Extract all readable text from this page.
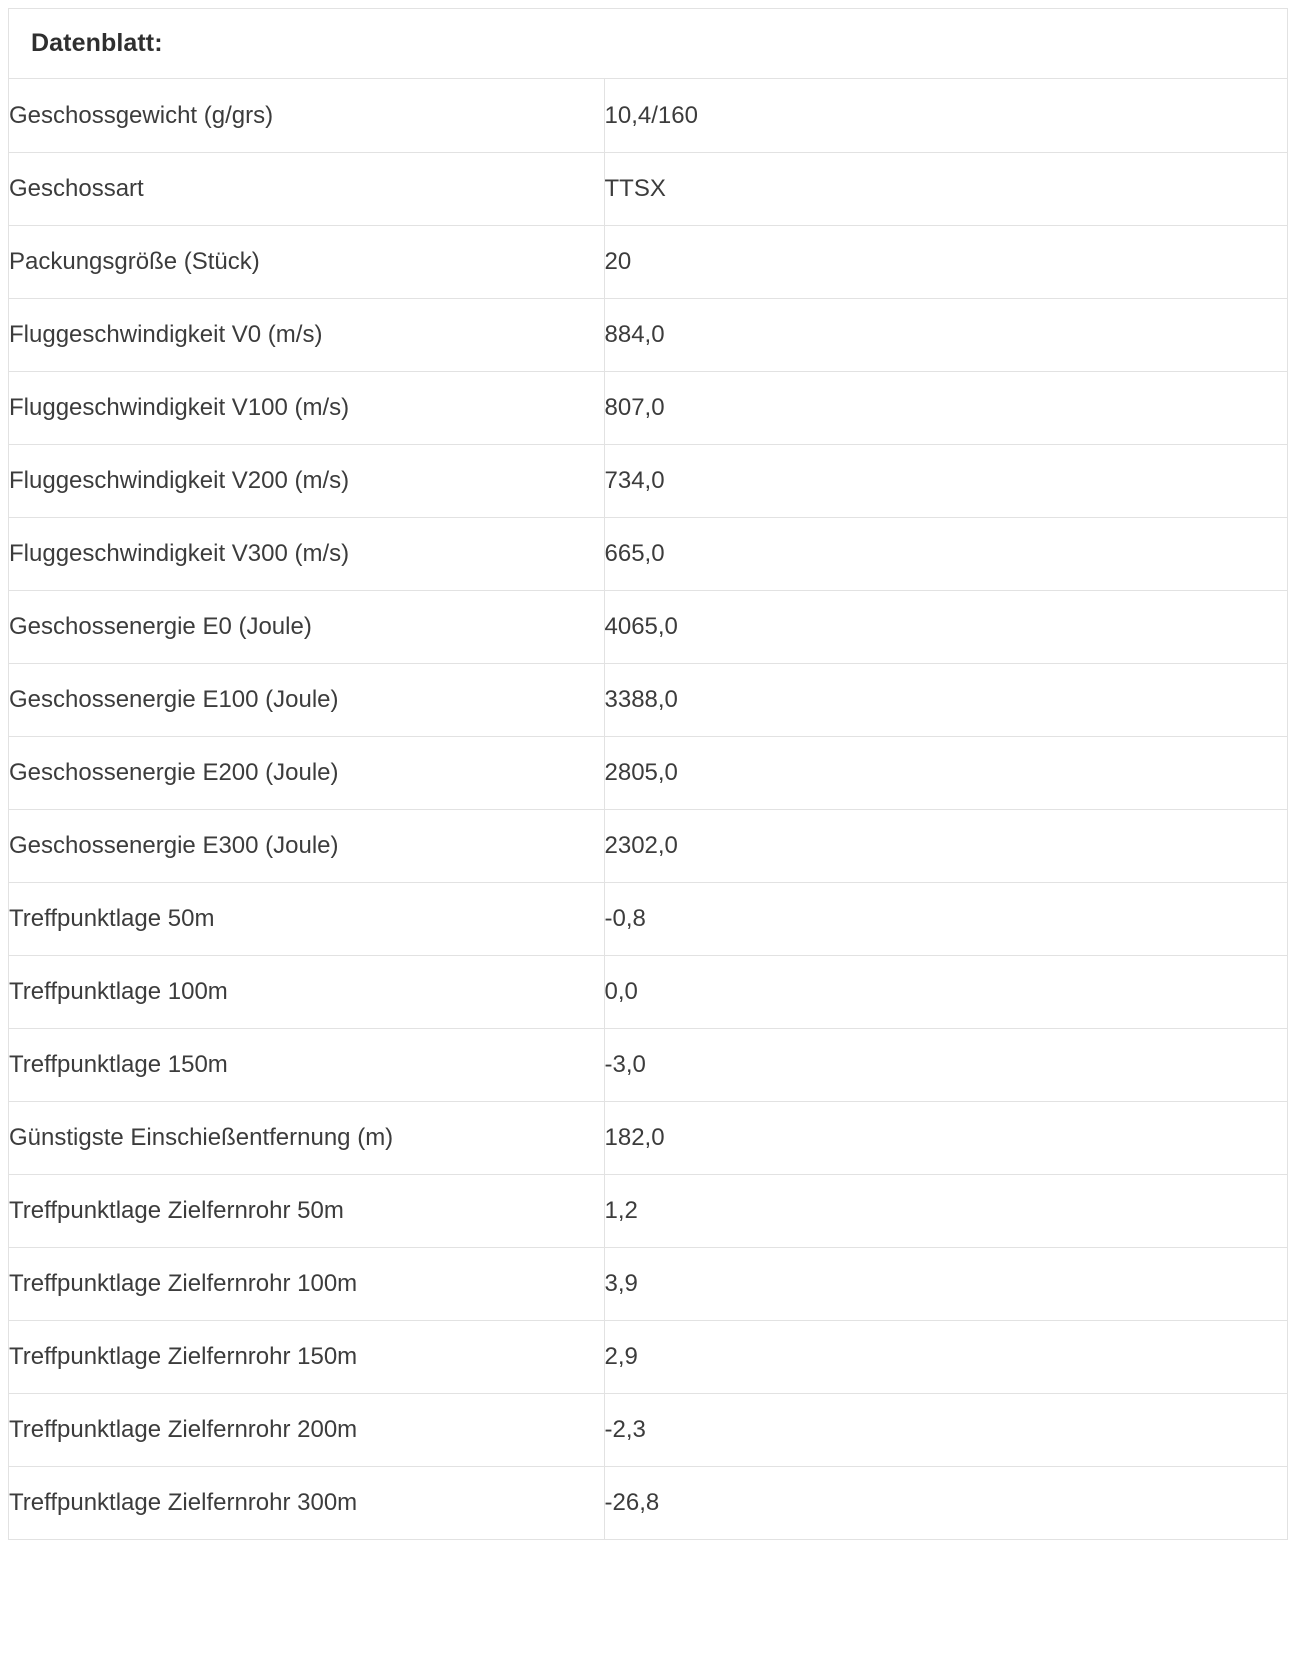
Datenblatt:
Geschossgewicht (g/grs)	10,4/160
Geschossart	TTSX
Packungsgröße (Stück)	20
Fluggeschwindigkeit V0 (m/s)	884,0
Fluggeschwindigkeit V100 (m/s)	807,0
Fluggeschwindigkeit V200 (m/s)	734,0
Fluggeschwindigkeit V300 (m/s)	665,0
Geschossenergie E0 (Joule)	4065,0
Geschossenergie E100 (Joule)	3388,0
Geschossenergie E200 (Joule)	2805,0
Geschossenergie E300 (Joule)	2302,0
Treffpunktlage 50m	-0,8
Treffpunktlage 100m	0,0
Treffpunktlage 150m	-3,0
Günstigste Einschießentfernung (m)	182,0
Treffpunktlage Zielfernrohr 50m	1,2
Treffpunktlage Zielfernrohr 100m	3,9
Treffpunktlage Zielfernrohr 150m	2,9
Treffpunktlage Zielfernrohr 200m	-2,3
Treffpunktlage Zielfernrohr 300m	-26,8
